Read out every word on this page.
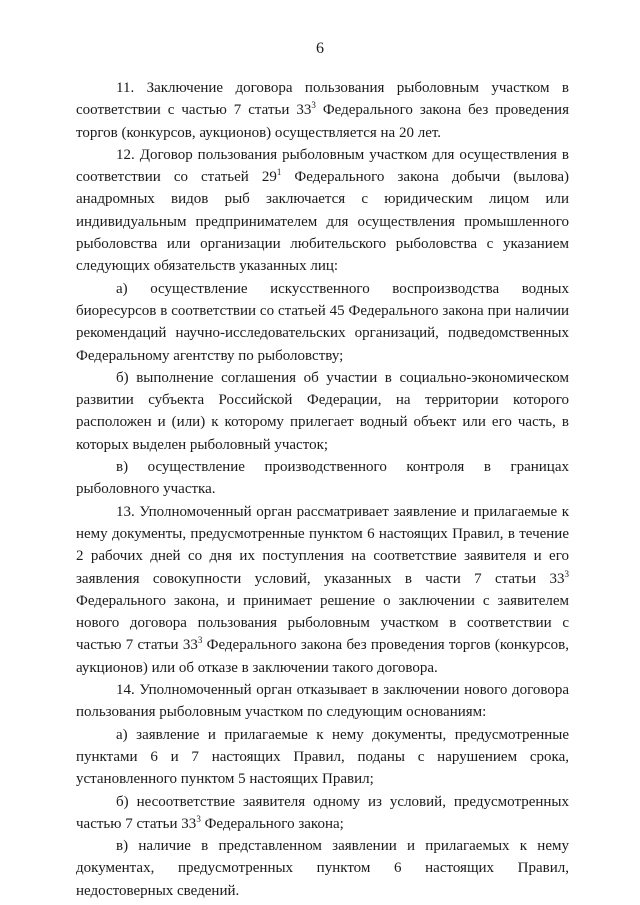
6

11. Заключение договора пользования рыболовным участком в соответствии с частью 7 статьи $33^3$ Федерального закона без проведения торгов (конкурсов, аукционов) осуществляется на 20 лет.

12. Договор пользования рыболовным участком для осуществления в соответствии со статьей $29^1$ Федерального закона добычи (вылова) анадромных видов рыб заключается с юридическим лицом или индивидуальным предпринимателем для осуществления промышленного рыболовства или организации любительского рыболовства с указанием следующих обязательств указанных лиц:

а) осуществление искусственного воспроизводства водных биоресурсов в соответствии со статьей 45 Федерального закона при наличии рекомендаций научно-исследовательских организаций, подведомственных Федеральному агентству по рыболовству;

б) выполнение соглашения об участии в социально-экономическом развитии субъекта Российской Федерации, на территории которого расположен и (или) к которому прилегает водный объект или его часть, в которых выделен рыболовный участок;

в) осуществление производственного контроля в границах рыболовного участка.

13. Уполномоченный орган рассматривает заявление и прилагаемые к нему документы, предусмотренные пунктом 6 настоящих Правил, в течение 2 рабочих дней со дня их поступления на соответствие заявителя и его заявления совокупности условий, указанных в части 7 статьи $33^3$ Федерального закона, и принимает решение о заключении с заявителем нового договора пользования рыболовным участком в соответствии с частью 7 статьи $33^3$ Федерального закона без проведения торгов (конкурсов, аукционов) или об отказе в заключении такого договора.

14. Уполномоченный орган отказывает в заключении нового договора пользования рыболовным участком по следующим основаниям:

а) заявление и прилагаемые к нему документы, предусмотренные пунктами 6 и 7 настоящих Правил, поданы с нарушением срока, установленного пунктом 5 настоящих Правил;

б) несоответствие заявителя одному из условий, предусмотренных частью 7 статьи $33^3$ Федерального закона;

в) наличие в представленном заявлении и прилагаемых к нему документах, предусмотренных пунктом 6 настоящих Правил, недостоверных сведений.
